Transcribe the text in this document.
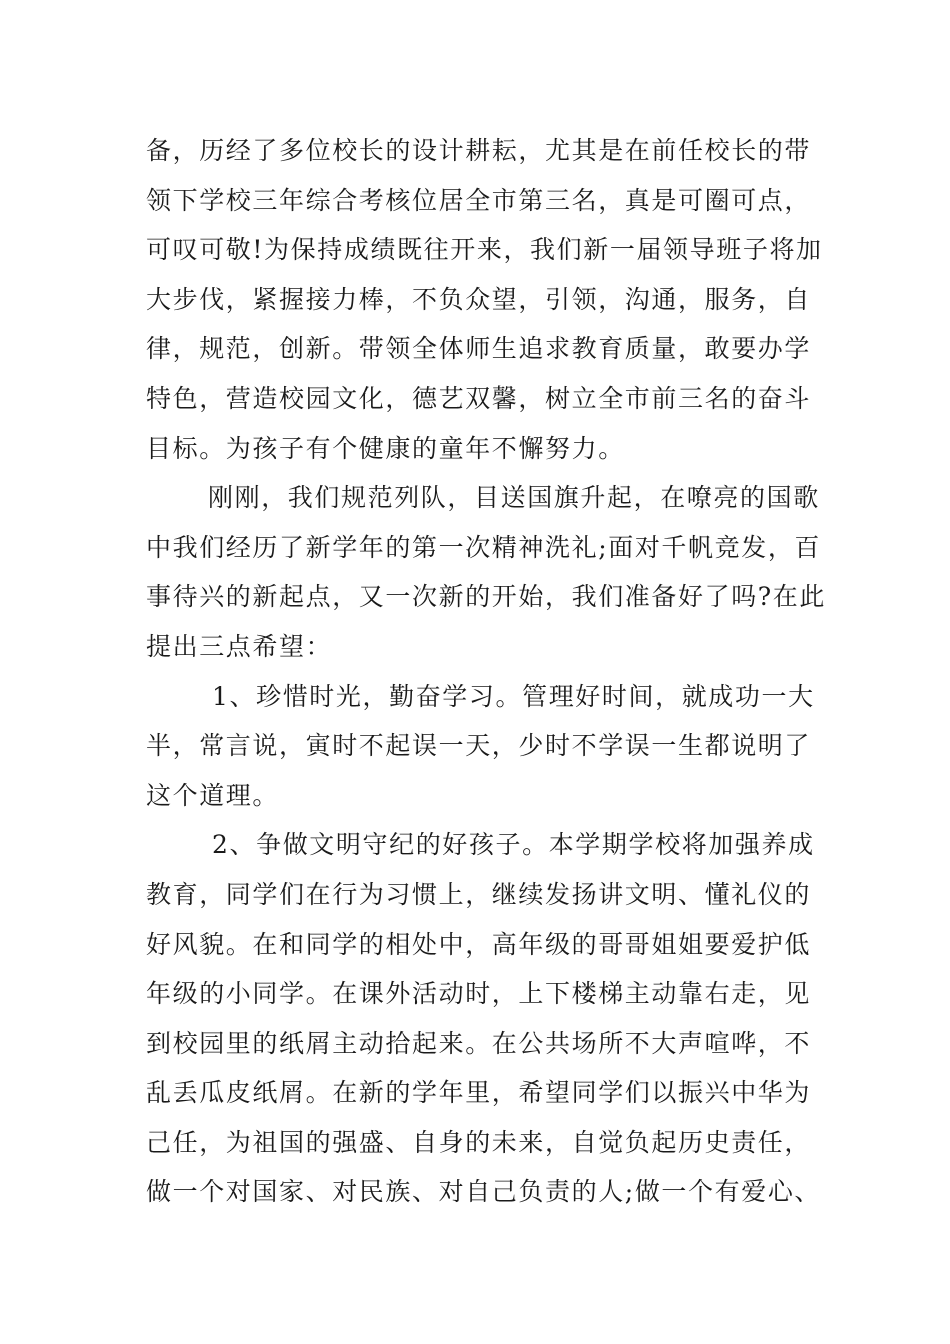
备，历经了多位校长的设计耕耘，尤其是在前任校长的带
领下学校三年综合考核位居全市第三名，真是可圈可点，
可叹可敬!为保持成绩既往开来，我们新一届领导班子将加
大步伐，紧握接力棒，不负众望，引领，沟通，服务，自
律，规范，创新。带领全体师生追求教育质量，敢要办学
特色，营造校园文化，德艺双馨，树立全市前三名的奋斗
目标。为孩子有个健康的童年不懈努力。
刚刚，我们规范列队，目送国旗升起，在嘹亮的国歌
中我们经历了新学年的第一次精神洗礼;面对千帆竞发，百
事待兴的新起点，又一次新的开始，我们准备好了吗?在此
提出三点希望：
1、珍惜时光，勤奋学习。管理好时间，就成功一大
半，常言说，寅时不起误一天，少时不学误一生都说明了
这个道理。
2、争做文明守纪的好孩子。本学期学校将加强养成
教育，同学们在行为习惯上，继续发扬讲文明、懂礼仪的
好风貌。在和同学的相处中，高年级的哥哥姐姐要爱护低
年级的小同学。在课外活动时，上下楼梯主动靠右走，见
到校园里的纸屑主动拾起来。在公共场所不大声喧哗，不
乱丢瓜皮纸屑。在新的学年里，希望同学们以振兴中华为
己任，为祖国的强盛、自身的未来，自觉负起历史责任，
做一个对国家、对民族、对自己负责的人;做一个有爱心、
